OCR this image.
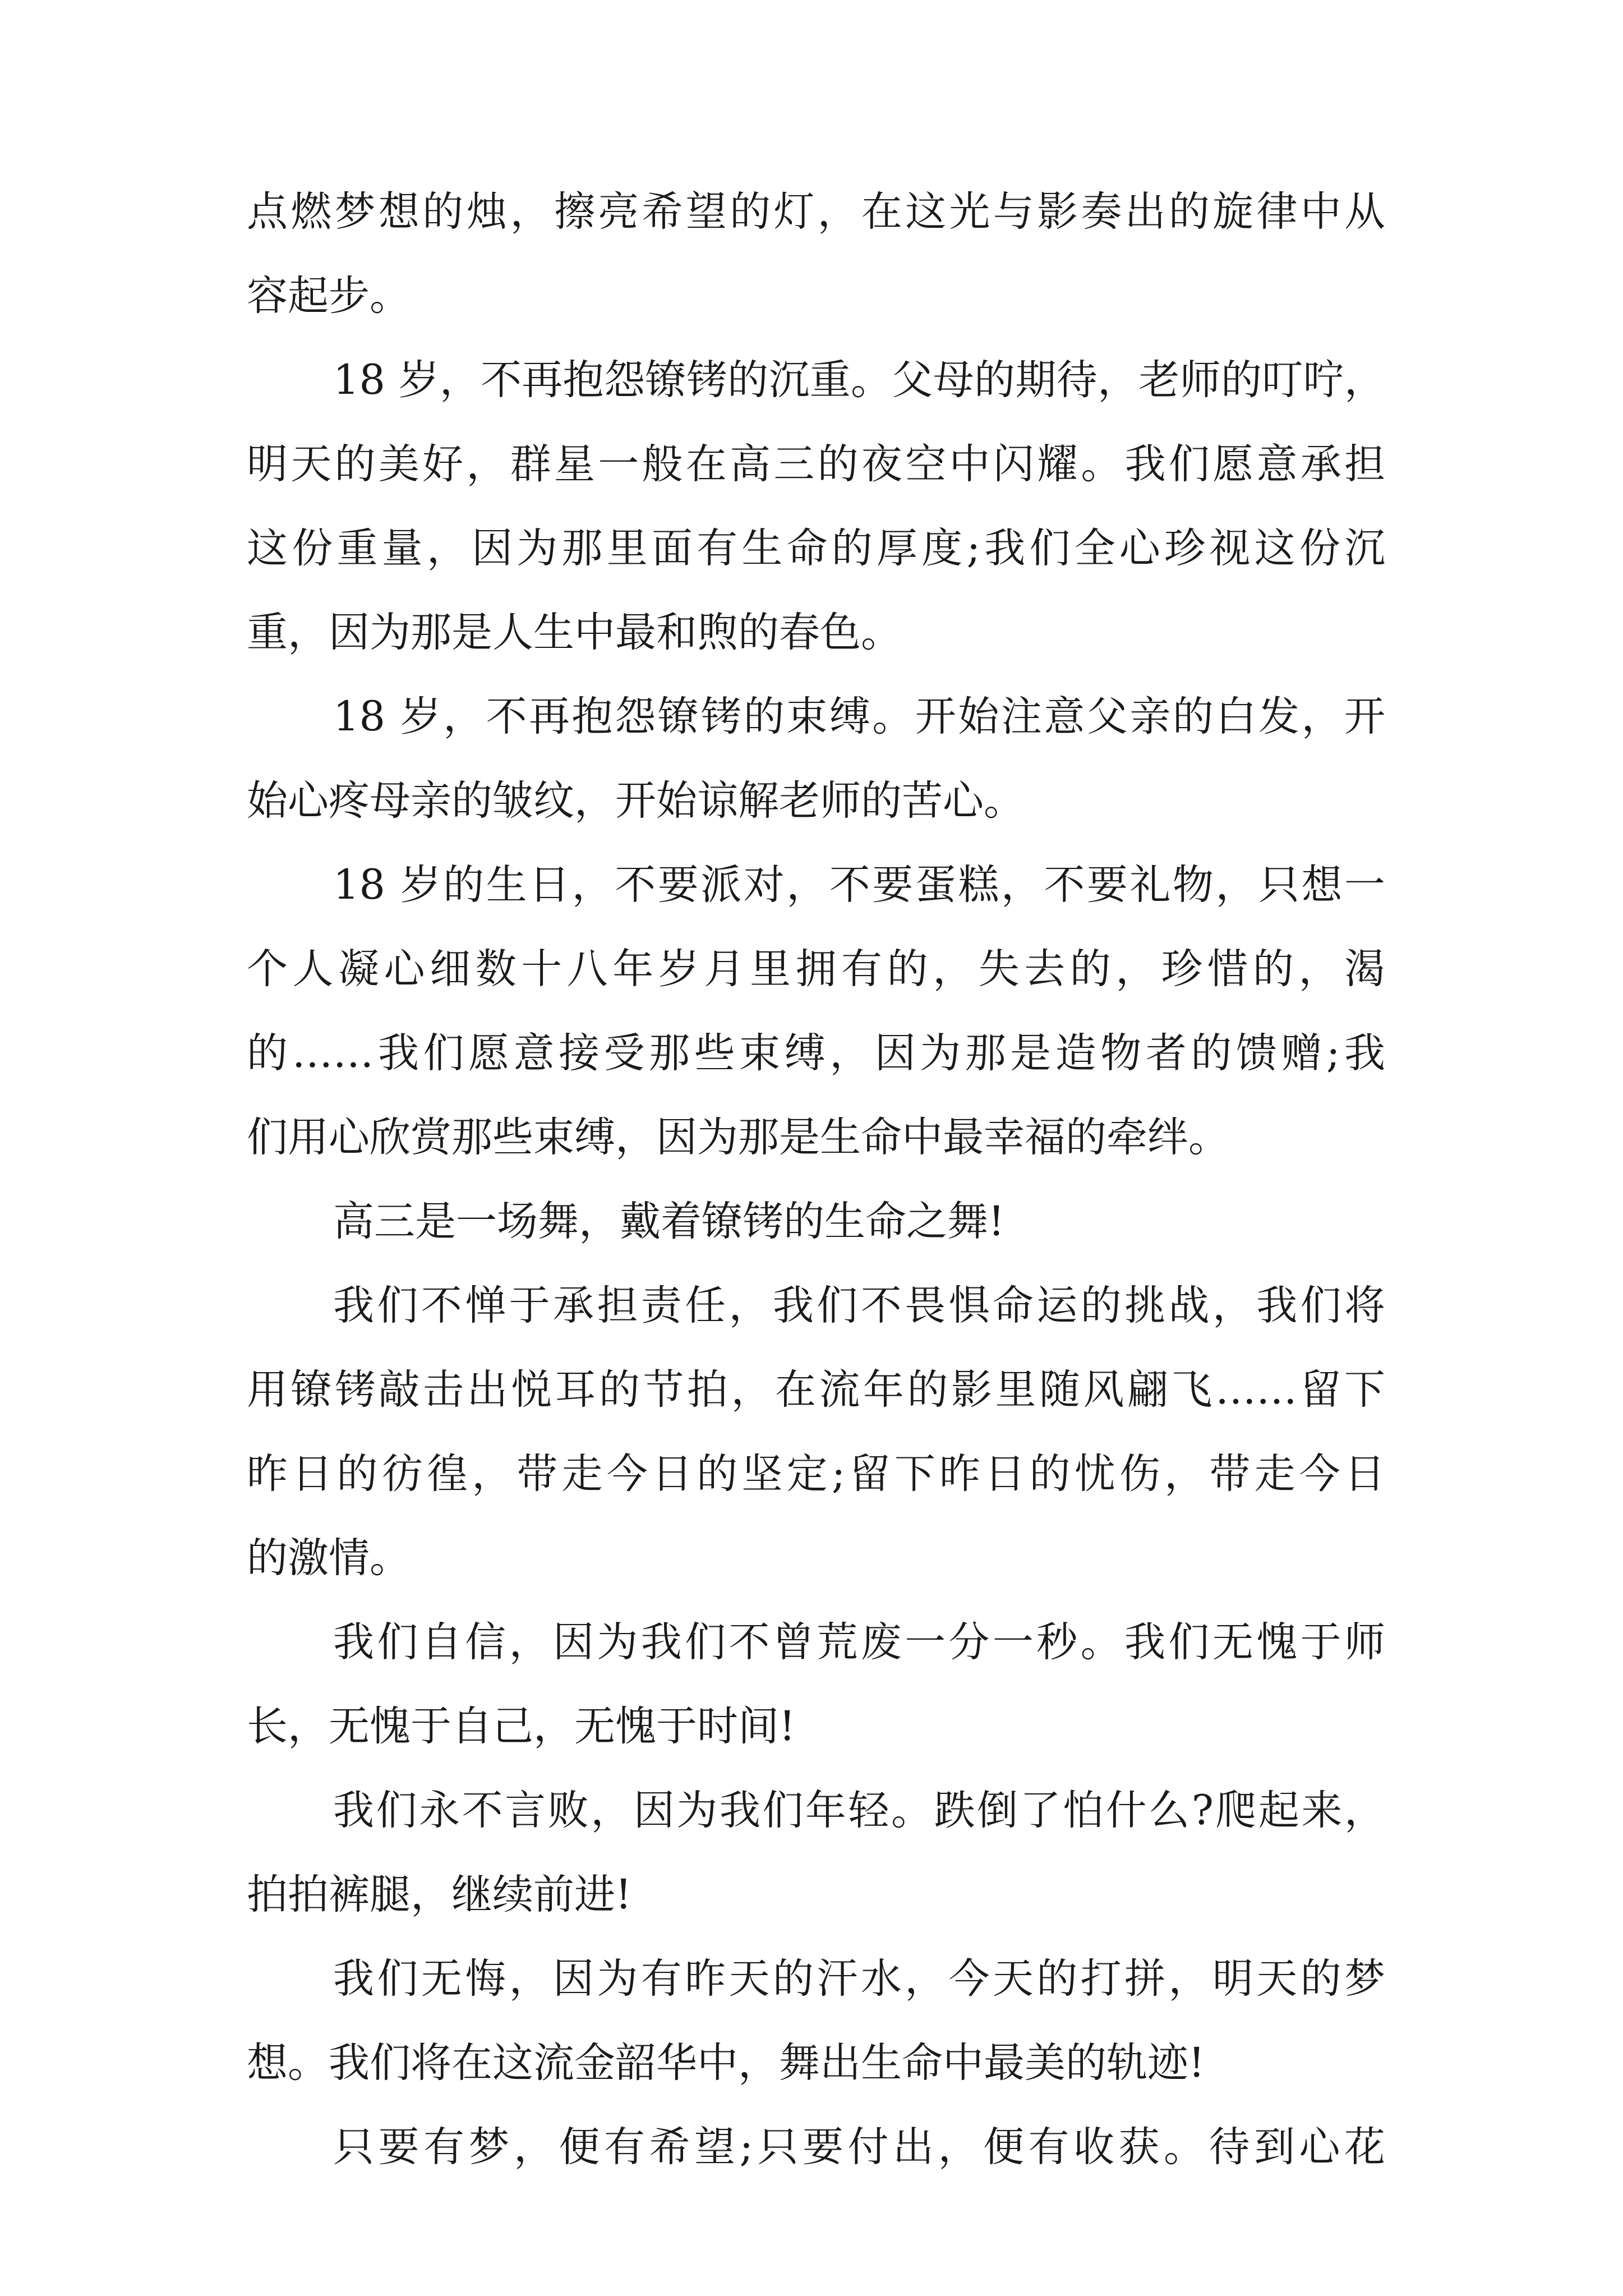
点燃梦想的烛，擦亮希望的灯，在这光与影奏出的旋律中从
容起步。
18 岁，不再抱怨镣铐的沉重。父母的期待，老师的叮咛，
明天的美好，群星一般在高三的夜空中闪耀。我们愿意承担
这份重量，因为那里面有生命的厚度;我们全心珍视这份沉
重，因为那是人生中最和煦的春色。
18 岁，不再抱怨镣铐的束缚。开始注意父亲的白发，开
始心疼母亲的皱纹，开始谅解老师的苦心。
18 岁的生日，不要派对，不要蛋糕，不要礼物，只想一
个人凝心细数十八年岁月里拥有的，失去的，珍惜的，渴
的……我们愿意接受那些束缚，因为那是造物者的馈赠;我
们用心欣赏那些束缚，因为那是生命中最幸福的牵绊。
高三是一场舞，戴着镣铐的生命之舞!
我们不惮于承担责任，我们不畏惧命运的挑战，我们将
用镣铐敲击出悦耳的节拍，在流年的影里随风翩飞……留下
昨日的彷徨，带走今日的坚定;留下昨日的忧伤，带走今日
的激情。
我们自信，因为我们不曾荒废一分一秒。我们无愧于师
长，无愧于自己，无愧于时间!
我们永不言败，因为我们年轻。跌倒了怕什么?爬起来，
拍拍裤腿，继续前进!
我们无悔，因为有昨天的汗水，今天的打拼，明天的梦
想。我们将在这流金韶华中，舞出生命中最美的轨迹!
只要有梦，便有希望;只要付出，便有收获。待到心花
